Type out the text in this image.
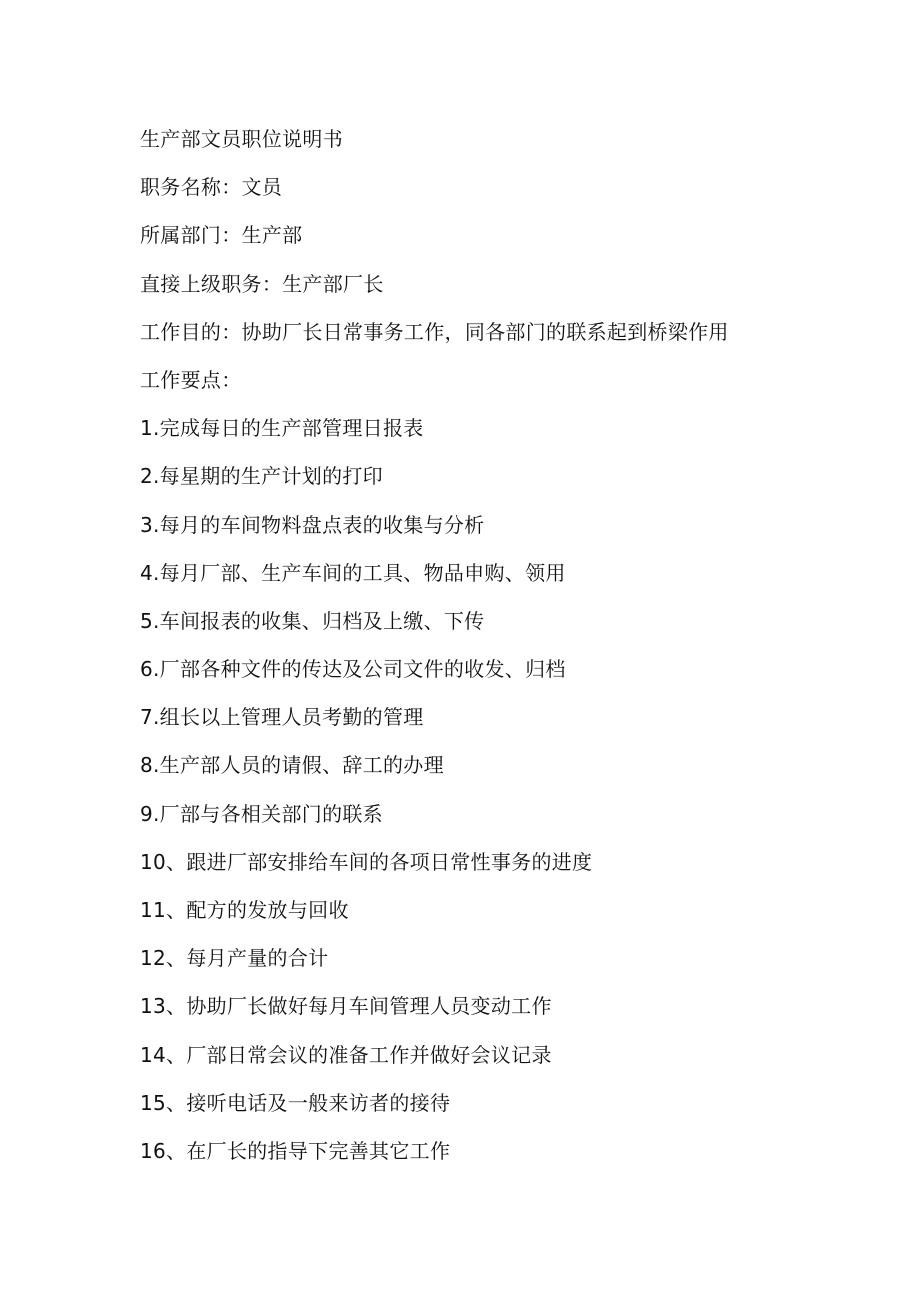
生产部文员职位说明书
职务名称：文员
所属部门：生产部
直接上级职务：生产部厂长
工作目的：协助厂长日常事务工作，同各部门的联系起到桥梁作用
工作要点：
1.完成每日的生产部管理日报表
2.每星期的生产计划的打印
3.每月的车间物料盘点表的收集与分析
4.每月厂部、生产车间的工具、物品申购、领用
5.车间报表的收集、归档及上缴、下传
6.厂部各种文件的传达及公司文件的收发、归档
7.组长以上管理人员考勤的管理
8.生产部人员的请假、辞工的办理
9.厂部与各相关部门的联系
10、跟进厂部安排给车间的各项日常性事务的进度
11、配方的发放与回收
12、每月产量的合计
13、协助厂长做好每月车间管理人员变动工作
14、厂部日常会议的准备工作并做好会议记录
15、接听电话及一般来访者的接待
16、在厂长的指导下完善其它工作
